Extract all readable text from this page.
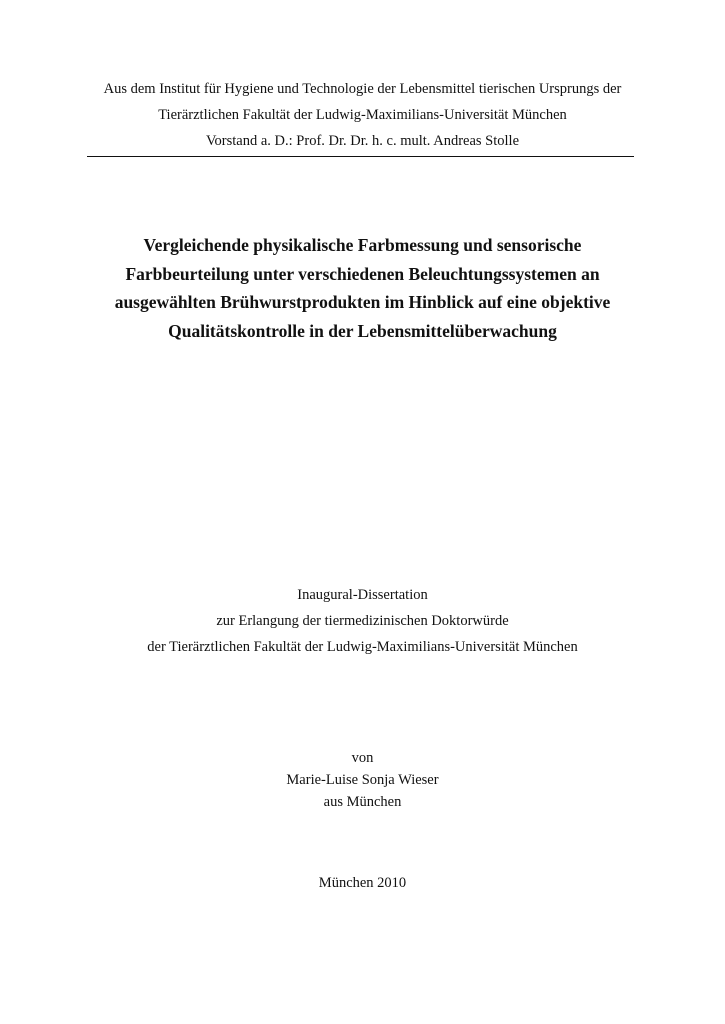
Aus dem Institut für Hygiene und Technologie der Lebensmittel tierischen Ursprungs der
Tierärztlichen Fakultät der Ludwig-Maximilians-Universität München
Vorstand a. D.: Prof. Dr. Dr. h. c. mult. Andreas Stolle
Vergleichende physikalische Farbmessung und sensorische
Farbbeurteilung unter verschiedenen Beleuchtungssystemen an
ausgewählten Brühwurstprodukten im Hinblick auf eine objektive
Qualitätskontrolle in der Lebensmittelüberwachung
Inaugural-Dissertation
zur Erlangung der tiermedizinischen Doktorwürde
der Tierärztlichen Fakultät der Ludwig-Maximilians-Universität München
von
Marie-Luise Sonja Wieser
aus München
München 2010
